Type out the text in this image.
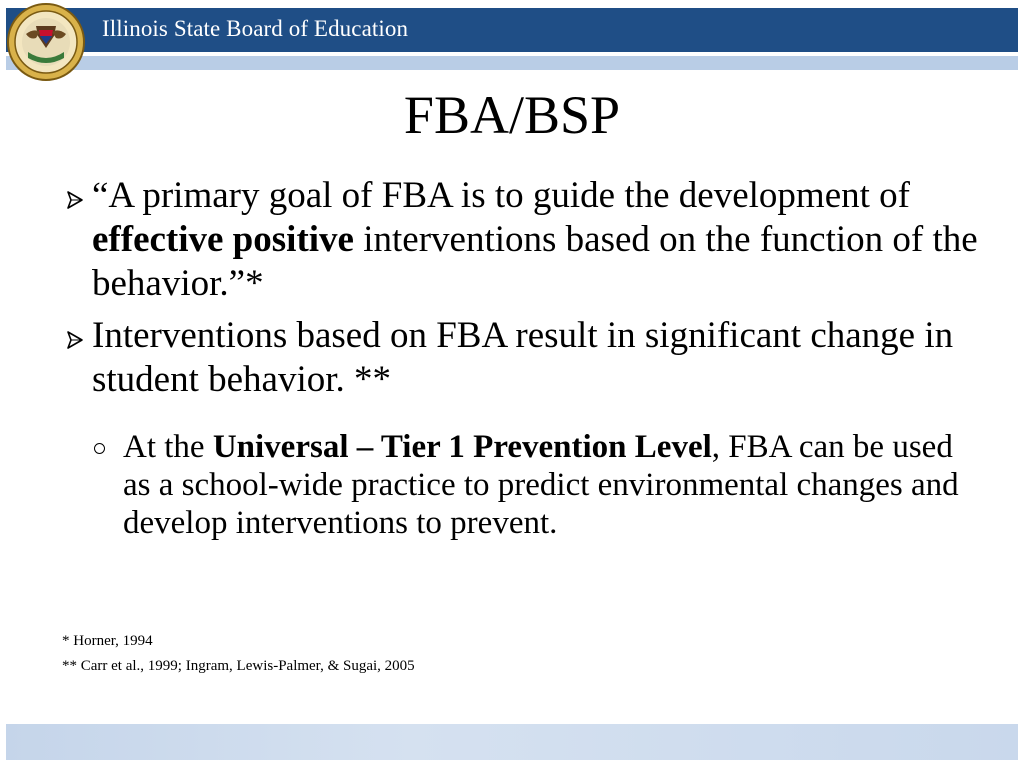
Illinois State Board of Education
FBA/BSP
“A primary goal of FBA is to guide the development of effective positive interventions based on the function of the behavior.”*
Interventions based on FBA result in significant change in student behavior. **
At the Universal – Tier 1 Prevention Level, FBA can be used as a school-wide practice to predict environmental changes and develop interventions to prevent.
* Horner, 1994
** Carr et al., 1999; Ingram, Lewis-Palmer, & Sugai, 2005
